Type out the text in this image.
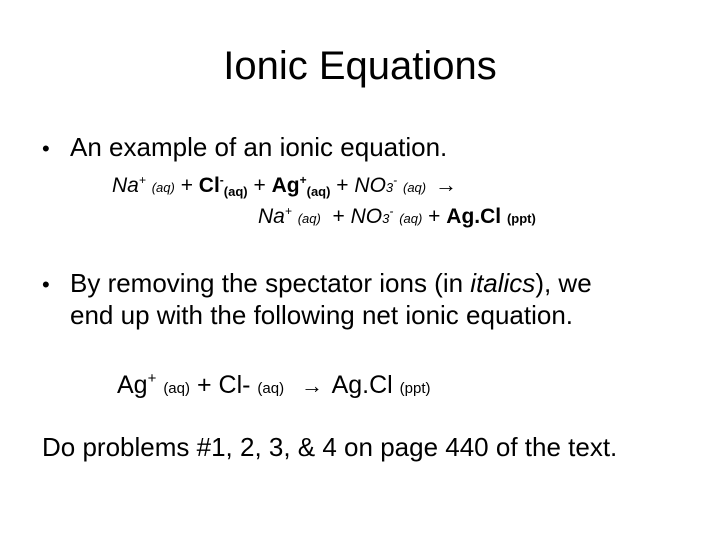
Ionic Equations
• An example of an ionic equation.
Na+ $(aq) + Cl^-_{(aq)} + Ag^+_{(aq)} + NO3^-$ (aq) →
Na+ (aq) + NO3- (aq) + Ag.Cl (ppt)
• By removing the spectator ions (in italics), we
end up with the following net ionic equation.
Ag+ (aq) + Cl- (aq) → Ag.Cl (ppt)
Do problems #1, 2, 3, & 4 on page 440 of the text.
